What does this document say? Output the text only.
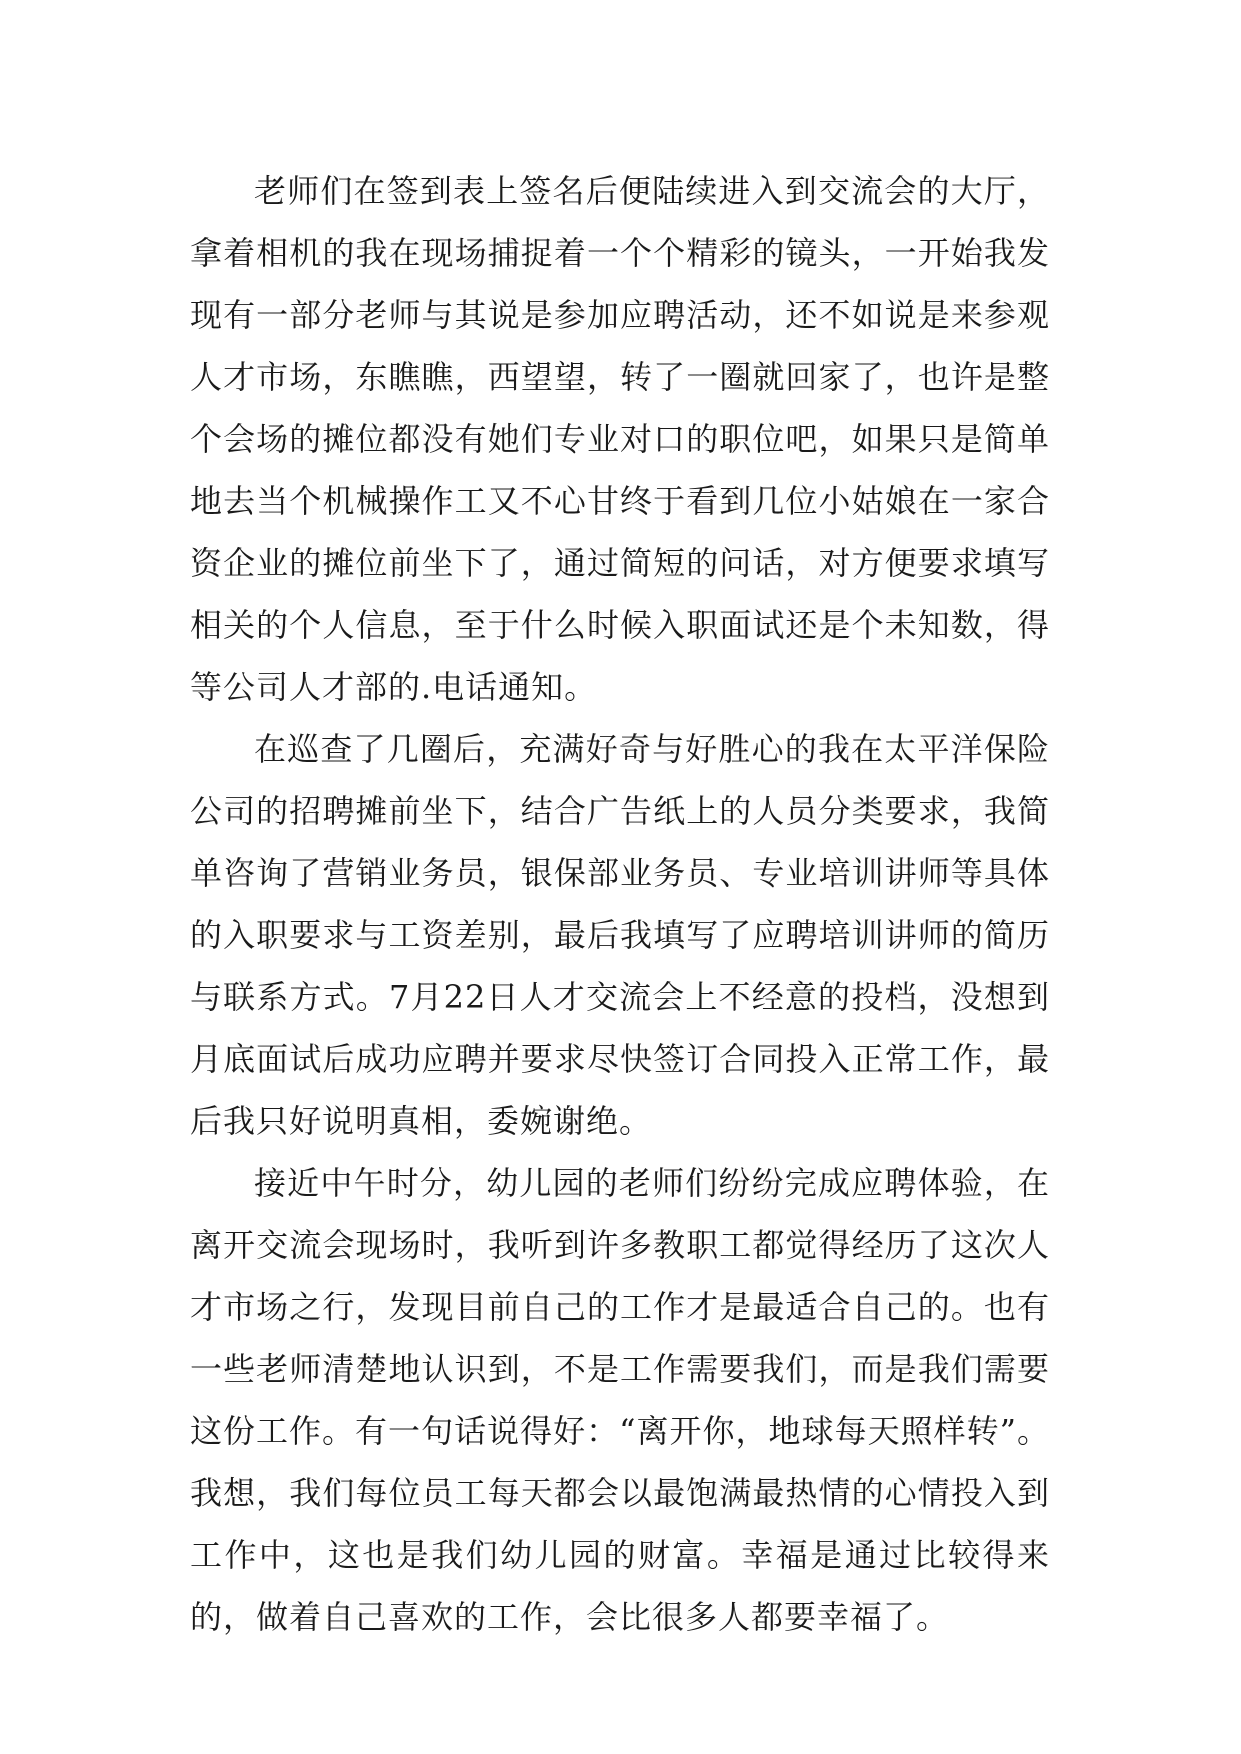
老师们在签到表上签名后便陆续进入到交流会的大厅，拿着相机的我在现场捕捉着一个个精彩的镜头，一开始我发现有一部分老师与其说是参加应聘活动，还不如说是来参观人才市场，东瞧瞧，西望望，转了一圈就回家了，也许是整个会场的摊位都没有她们专业对口的职位吧，如果只是简单地去当个机械操作工又不心甘终于看到几位小姑娘在一家合资企业的摊位前坐下了，通过简短的问话，对方便要求填写相关的个人信息，至于什么时候入职面试还是个未知数，得等公司人才部的.电话通知。

在巡查了几圈后，充满好奇与好胜心的我在太平洋保险公司的招聘摊前坐下，结合广告纸上的人员分类要求，我简单咨询了营销业务员，银保部业务员、专业培训讲师等具体的入职要求与工资差别，最后我填写了应聘培训讲师的简历与联系方式。7月22日人才交流会上不经意的投档，没想到月底面试后成功应聘并要求尽快签订合同投入正常工作，最后我只好说明真相，委婉谢绝。

接近中午时分，幼儿园的老师们纷纷完成应聘体验，在离开交流会现场时，我听到许多教职工都觉得经历了这次人才市场之行，发现目前自己的工作才是最适合自己的。也有一些老师清楚地认识到，不是工作需要我们，而是我们需要这份工作。有一句话说得好：“离开你，地球每天照样转”。我想，我们每位员工每天都会以最饱满最热情的心情投入到工作中，这也是我们幼儿园的财富。幸福是通过比较得来的，做着自己喜欢的工作，会比很多人都要幸福了。
